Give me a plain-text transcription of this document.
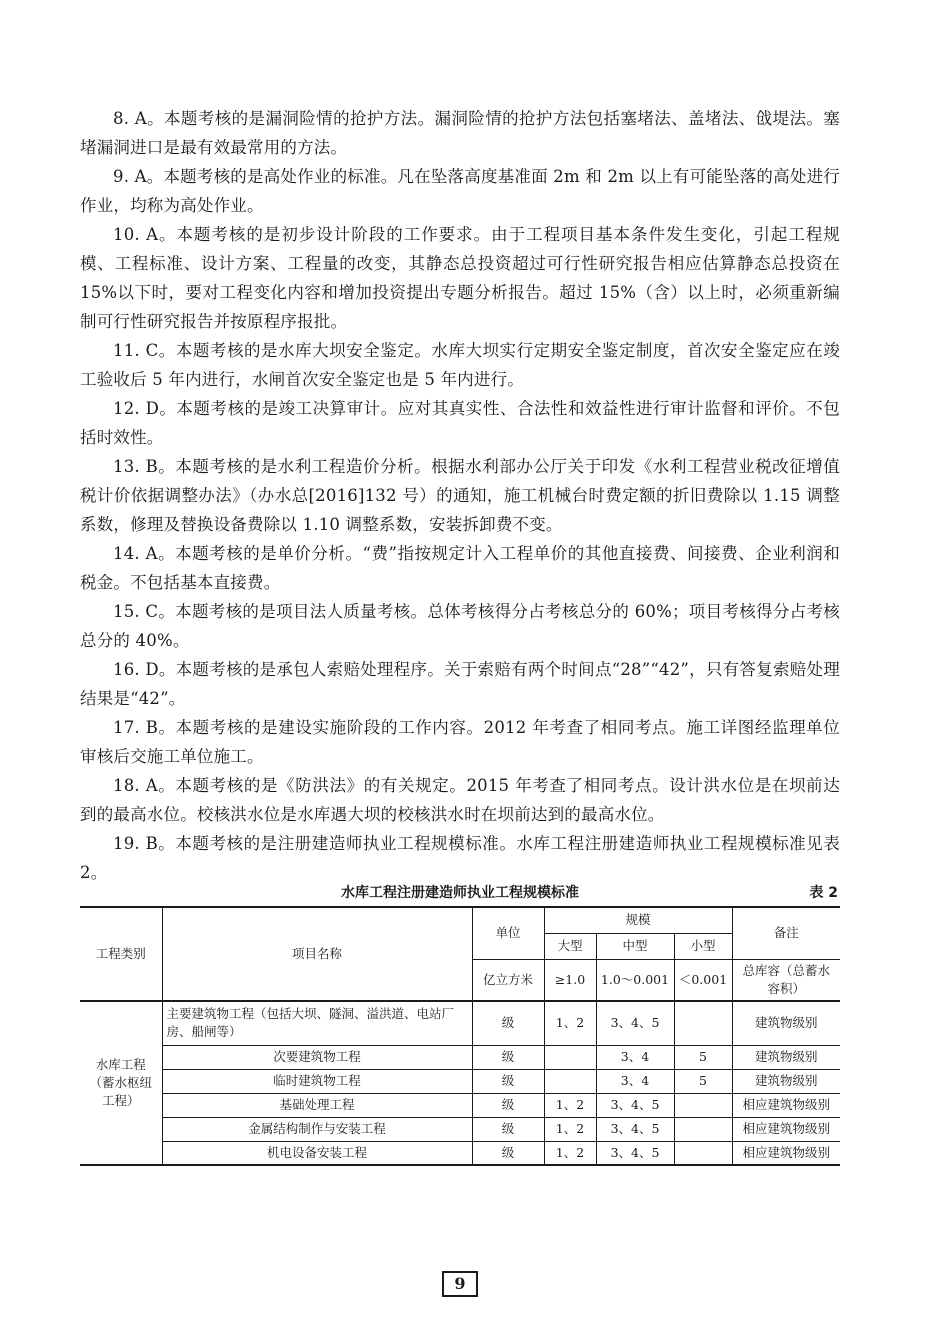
8. A。本题考核的是漏洞险情的抢护方法。漏洞险情的抢护方法包括塞堵法、盖堵法、戗堤法。塞堵漏洞进口是最有效最常用的方法。

9. A。本题考核的是高处作业的标准。凡在坠落高度基准面 2m 和 2m 以上有可能坠落的高处进行作业，均称为高处作业。

10. A。本题考核的是初步设计阶段的工作要求。由于工程项目基本条件发生变化，引起工程规模、工程标准、设计方案、工程量的改变，其静态总投资超过可行性研究报告相应估算静态总投资在 15%以下时，要对工程变化内容和增加投资提出专题分析报告。超过 15%（含）以上时，必须重新编制可行性研究报告并按原程序报批。

11. C。本题考核的是水库大坝安全鉴定。水库大坝实行定期安全鉴定制度，首次安全鉴定应在竣工验收后 5 年内进行，水闸首次安全鉴定也是 5 年内进行。

12. D。本题考核的是竣工决算审计。应对其真实性、合法性和效益性进行审计监督和评价。不包括时效性。

13. B。本题考核的是水利工程造价分析。根据水利部办公厅关于印发《水利工程营业税改征增值税计价依据调整办法》（办水总[2016]132 号）的通知，施工机械台时费定额的折旧费除以 1.15 调整系数，修理及替换设备费除以 1.10 调整系数，安装拆卸费不变。

14. A。本题考核的是单价分析。“费”指按规定计入工程单价的其他直接费、间接费、企业利润和税金。不包括基本直接费。

15. C。本题考核的是项目法人质量考核。总体考核得分占考核总分的 60%；项目考核得分占考核总分的 40%。

16. D。本题考核的是承包人索赔处理程序。关于索赔有两个时间点“28”“42”，只有答复索赔处理结果是“42”。

17. B。本题考核的是建设实施阶段的工作内容。2012 年考查了相同考点。施工详图经监理单位审核后交施工单位施工。

18. A。本题考核的是《防洪法》的有关规定。2015 年考查了相同考点。设计洪水位是在坝前达到的最高水位。校核洪水位是水库遇大坝的校核洪水时在坝前达到的最高水位。

19. B。本题考核的是注册建造师执业工程规模标准。水库工程注册建造师执业工程规模标准见表 2。

水库工程注册建造师执业工程规模标准	表 2
工程类别	项目名称	单位	规模			备注
			大型	中型	小型	
		亿立方米	≥1.0	1.0～0.001	＜0.001	总库容（总蓄水容积）
水库工程（蓄水枢纽工程）	主要建筑物工程（包括大坝、隧洞、溢洪道、电站厂房、船闸等）	级	1、2	3、4、5		建筑物级别
	次要建筑物工程	级		3、4	5	建筑物级别
	临时建筑物工程	级		3、4	5	建筑物级别
	基础处理工程	级	1、2	3、4、5		相应建筑物级别
	金属结构制作与安装工程	级	1、2	3、4、5		相应建筑物级别
	机电设备安装工程	级	1、2	3、4、5		相应建筑物级别
9
